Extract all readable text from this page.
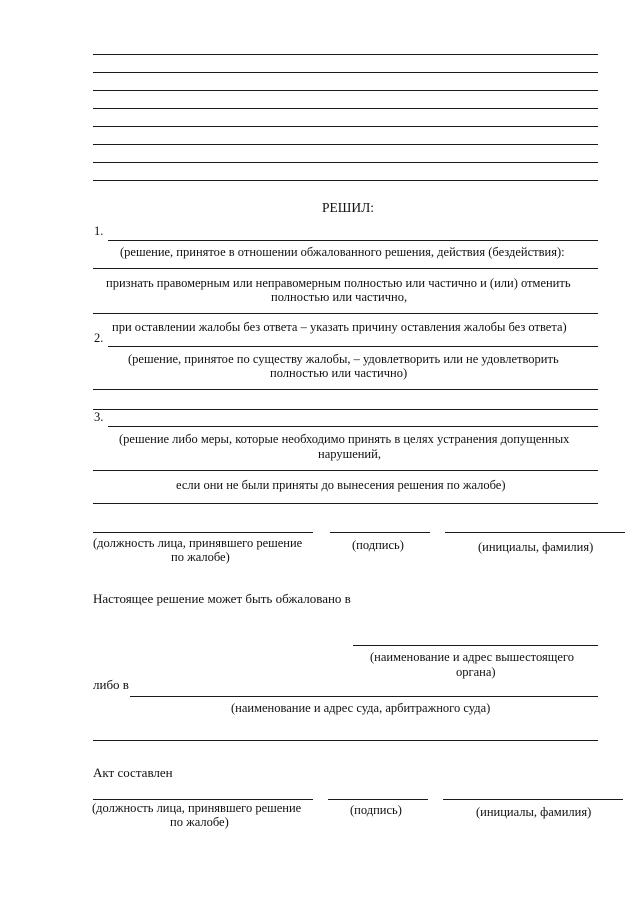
РЕШИЛ:
1.
(решение, принятое в отношении обжалованного решения, действия (бездействия):
признать правомерным или неправомерным полностью или частично и (или) отменить
полностью или частично,
при оставлении жалобы без ответа – указать причину оставления жалобы без ответа)
2.
(решение, принятое по существу жалобы, – удовлетворить или не удовлетворить
полностью или частично)
3.
(решение либо меры, которые необходимо принять в целях устранения допущенных
нарушений,
если они не были приняты до вынесения решения по жалобе)
(должность лица, принявшего решение
по жалобе)
(подпись)	(инициалы, фамилия)
Настоящее решение может быть обжаловано в
(наименование и адрес вышестоящего
органа)
либо в
(наименование и адрес суда, арбитражного суда)
Акт составлен
(должность лица, принявшего решение
по жалобе)
(подпись)	(инициалы, фамилия)
